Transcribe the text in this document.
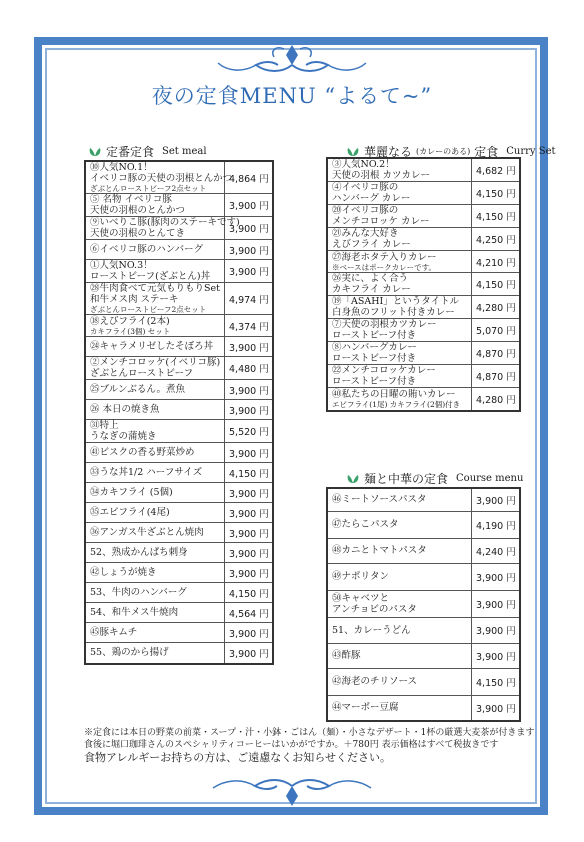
夜の定食MENU “よるて~”
定番定食 Set meal	華麗なる (カレーのある) 定食 Curry Set
麺と中華の定食 Course menu
⑩人気NO.1！
イベリコ豚の天使の羽根とんかつ
ざぶとんローストビーフ2点セット	4,864 円

⑤ 名物 イベリコ豚
天使の羽根のとんかつ	3,900 円

⑨いべりこ豚(豚肉のステーキです)
天使の羽根のとんてき	3,900 円

⑥イベリコ豚のハンバーグ	3,900 円

①人気NO.3！
ローストビーフ(ざぶとん)丼	3,900 円

㉘牛肉食べて元気もりもりSet
和牛メス肉 ステーキ
ざぶとんローストビーフ2点セット	4,974 円

⑱えびフライ(2本)
カキフライ(3個) セット	4,374 円

㉔キャラメリゼしたそぼろ丼	3,900 円

②メンチコロッケ(イベリコ豚)
ざぶとんローストビーフ	4,480 円

㉕ブルンぶるん。煮魚	3,900 円

㉖ 本日の焼き魚	3,900 円

㉛特上
うなぎの蒲焼き	5,520 円

㊶ビスクの香る野菜炒め	3,900 円

㉝うな丼1/2 ハーフサイズ	4,150 円

㉞カキフライ (5個)	3,900 円

㉟エビフライ(4尾)	3,900 円

㊱アンガス牛ざぶとん焼肉	3,900 円

52、熟成かんぱち刺身	3,900 円

㊷しょうが焼き	3,900 円

53、牛肉のハンバーグ	4,150 円

54、和牛メス牛焼肉	4,564 円

㊺豚キムチ	3,900 円

55、鶏のから揚げ	3,900 円
③人気NO.2！
天使の羽根 カツカレー	4,682 円

④イベリコ豚の
ハンバーグ カレー	4,150 円

⑳イベリコ豚の
メンチコロッケ カレー	4,150 円

㉑みんな大好き
えびフライ カレー	4,250 円

㉗海老ホタテ入りカレー
※ベースはポークカレーです。	4,210 円

㉖実に、よく合う
カキフライ カレー	4,150 円

⑲「ASAHI」というタイトル
白身魚のフリット付きカレー	4,280 円

⑦天使の羽根カツカレー
ローストビーフ付き	5,070 円

⑧ハンバーグカレー
ローストビーフ付き	4,870 円

㉒メンチコロッケカレー
ローストビーフ付き	4,870 円

㊵私たちの日曜の賄いカレー
エビフライ(1尾) カキフライ(2個)付き	4,280 円
㊻ミートソースパスタ	3,900 円

㊼たらこパスタ	4,190 円

㊽カニとトマトパスタ	4,240 円

㊾ナポリタン	3,900 円

㊿キャベツと
アンチョビのパスタ	3,900 円

51、カレーうどん	3,900 円

㊸酢豚	3,900 円

㊷海老のチリソース	4,150 円

㊹マーボー豆腐	3,900 円
※定食には本日の野菜の前菜・スープ・汁・小鉢・ごはん（麺）・小さなデザート・1杯の厳選大麦茶が付きます
食後に堀口珈琲さんのスペシャリティコーヒーはいかがですか。＋780円 表示価格はすべて税抜きです
食物アレルギーお持ちの方は、ご遠慮なくお知らせください。
